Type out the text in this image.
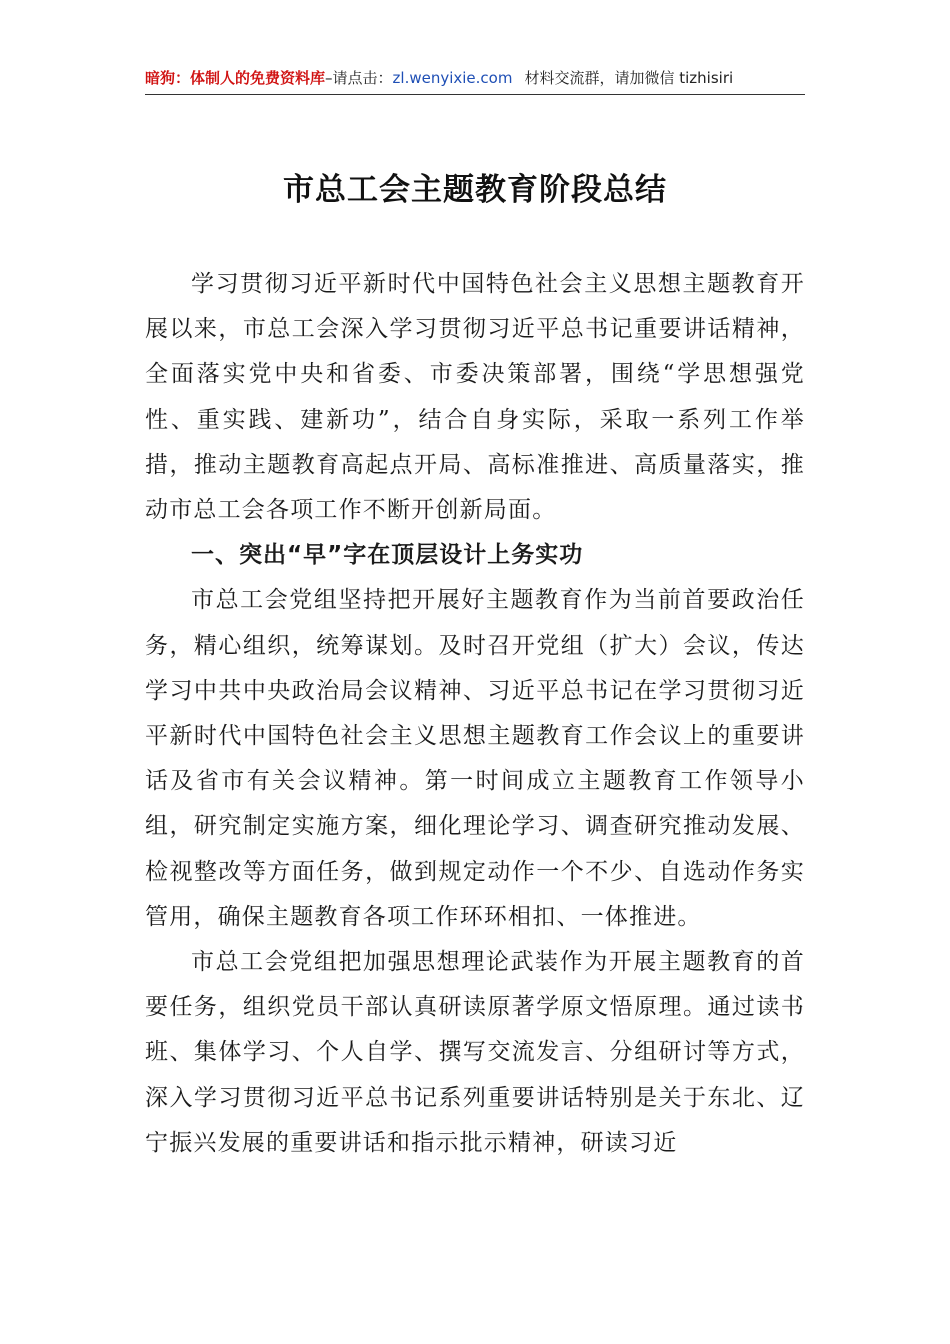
暗狗：体制人的免费资料库–请点击：zl.wenyixie.com 材料交流群，请加微信 tizhisiri
市总工会主题教育阶段总结

学习贯彻习近平新时代中国特色社会主义思想主题教育开展以来，市总工会深入学习贯彻习近平总书记重要讲话精神，全面落实党中央和省委、市委决策部署，围绕“学思想强党性、重实践、建新功”，结合自身实际，采取一系列工作举措，推动主题教育高起点开局、高标准推进、高质量落实，推动市总工会各项工作不断开创新局面。

一、突出“早”字在顶层设计上务实功

市总工会党组坚持把开展好主题教育作为当前首要政治任务，精心组织，统筹谋划。及时召开党组（扩大）会议，传达学习中共中央政治局会议精神、习近平总书记在学习贯彻习近平新时代中国特色社会主义思想主题教育工作会议上的重要讲话及省市有关会议精神。第一时间成立主题教育工作领导小组，研究制定实施方案，细化理论学习、调查研究推动发展、检视整改等方面任务，做到规定动作一个不少、自选动作务实管用，确保主题教育各项工作环环相扣、一体推进。

市总工会党组把加强思想理论武装作为开展主题教育的首要任务，组织党员干部认真研读原著学原文悟原理。通过读书班、集体学习、个人自学、撰写交流发言、分组研讨等方式，深入学习贯彻习近平总书记系列重要讲话特别是关于东北、辽宁振兴发展的重要讲话和指示批示精神，研读习近
